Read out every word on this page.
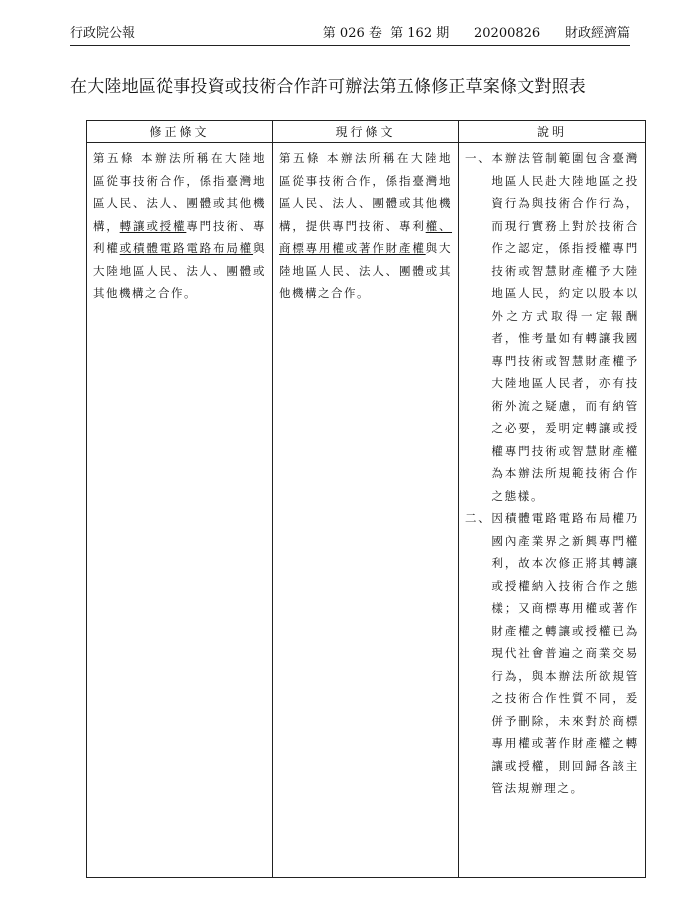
行政院公報	第 026 卷 第 162 期 20200826 財政經濟篇
在大陸地區從事投資或技術合作許可辦法第五條修正草案條文對照表
修正條文	現行條文	說明

第五條 本辦法所稱在大陸地區從事技術合作，係指臺灣地區人民、法人、團體或其他機構，轉讓或授權專門技術、專利權或積體電路電路布局權與大陸地區人民、法人、團體或其他機構之合作。	第五條 本辦法所稱在大陸地區從事技術合作，係指臺灣地區人民、法人、團體或其他機構，提供專門技術、專利權、商標專用權或著作財產權與大陸地區人民、法人、團體或其他機構之合作。	一、 本辦法管制範圍包含臺灣地區人民赴大陸地區之投資行為與技術合作行為，而現行實務上對於技術合作之認定，係指授權專門技術或智慧財產權予大陸地區人民，約定以股本以外之方式取得一定報酬者，惟考量如有轉讓我國專門技術或智慧財產權予大陸地區人民者，亦有技術外流之疑慮，而有納管之必要，爰明定轉讓或授權專門技術或智慧財產權為本辦法所規範技術合作之態樣。
二、 因積體電路電路布局權乃國內產業界之新興專門權利，故本次修正將其轉讓或授權納入技術合作之態樣；又商標專用權或著作財產權之轉讓或授權已為現代社會普遍之商業交易行為，與本辦法所欲規管之技術合作性質不同，爰併予刪除，未來對於商標專用權或著作財產權之轉讓或授權，則回歸各該主管法規辦理之。
